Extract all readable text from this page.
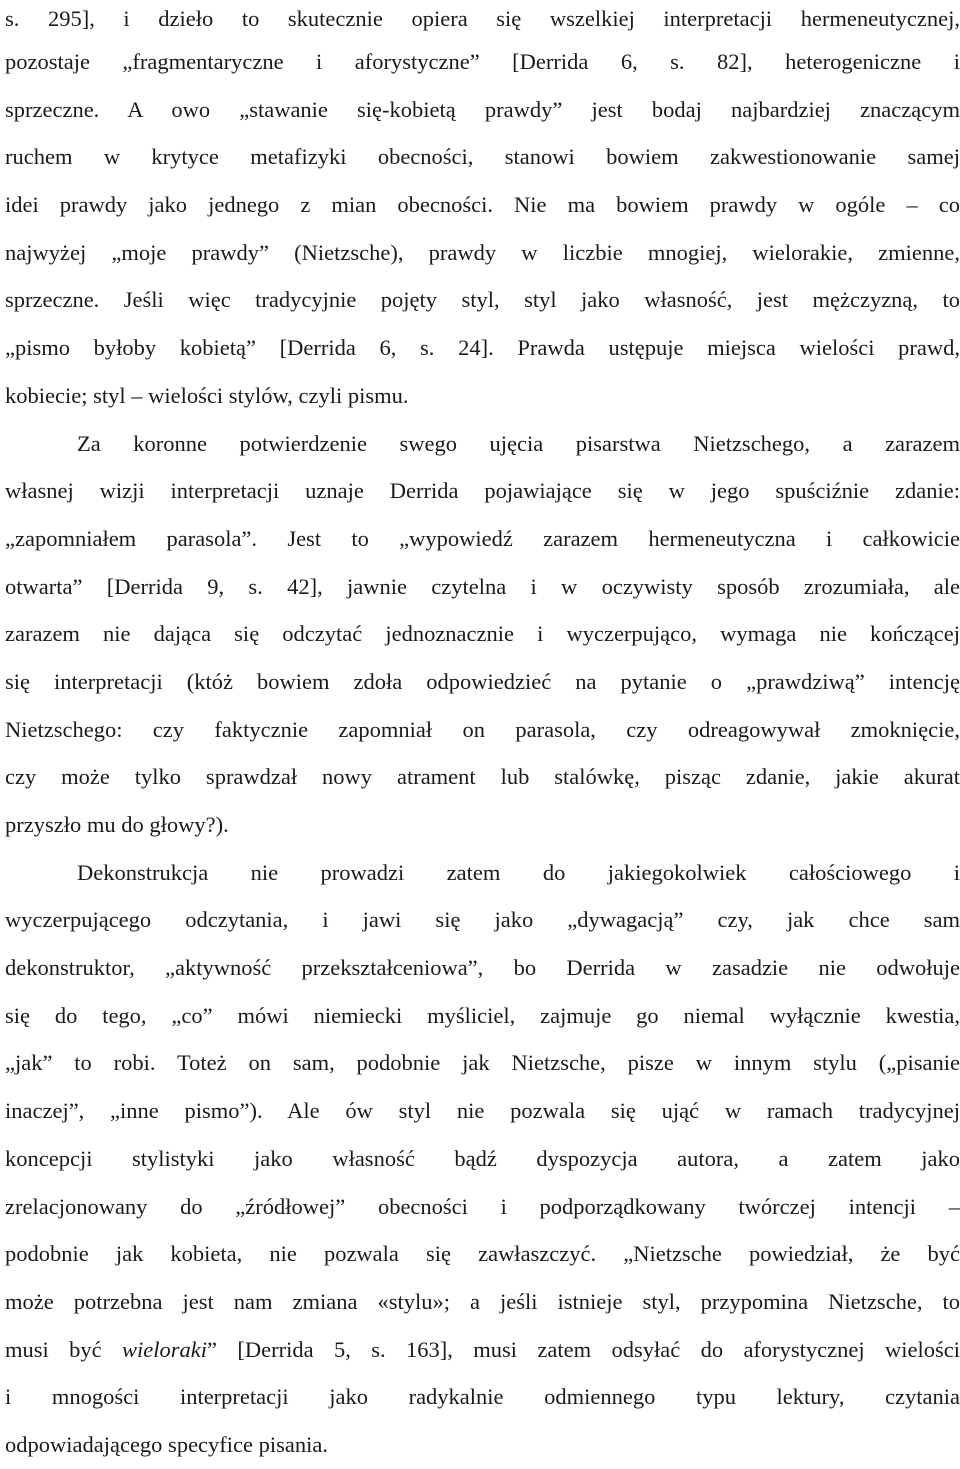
s. 295], i dzieło to skutecznie opiera się wszelkiej interpretacji hermeneutycznej,
pozostaje „fragmentaryczne i aforystyczne” [Derrida 6, s. 82], heterogeniczne i
sprzeczne. A owo „stawanie się-kobietą prawdy” jest bodaj najbardziej znaczącym
ruchem w krytyce metafizyki obecności, stanowi bowiem zakwestionowanie samej
idei prawdy jako jednego z mian obecności. Nie ma bowiem prawdy w ogóle – co
najwyżej „moje prawdy” (Nietzsche), prawdy w liczbie mnogiej, wielorakie, zmienne,
sprzeczne. Jeśli więc tradycyjnie pojęty styl, styl jako własność, jest mężczyzną, to
„pismo byłoby kobietą” [Derrida 6, s. 24]. Prawda ustępuje miejsca wielości prawd,
kobiecie; styl – wielości stylów, czyli pismu.
Za koronne potwierdzenie swego ujęcia pisarstwa Nietzschego, a zarazem
własnej wizji interpretacji uznaje Derrida pojawiające się w jego spuściźnie zdanie:
„zapomniałem parasola”. Jest to „wypowiedź zarazem hermeneutyczna i całkowicie
otwarta” [Derrida 9, s. 42], jawnie czytelna i w oczywisty sposób zrozumiała, ale
zarazem nie dająca się odczytać jednoznacznie i wyczerpująco, wymaga nie kończącej
się interpretacji (któż bowiem zdoła odpowiedzieć na pytanie o „prawdziwą” intencję
Nietzschego: czy faktycznie zapomniał on parasola, czy odreagowywał zmoknięcie,
czy może tylko sprawdzał nowy atrament lub stalówkę, pisząc zdanie, jakie akurat
przyszło mu do głowy?).
Dekonstrukcja nie prowadzi zatem do jakiegokolwiek całościowego i
wyczerpującego odczytania, i jawi się jako „dywagacją” czy, jak chce sam
dekonstruktor, „aktywność przekształceniowa”, bo Derrida w zasadzie nie odwołuje
się do tego, „co” mówi niemiecki myśliciel, zajmuje go niemal wyłącznie kwestia,
„jak” to robi. Toteż on sam, podobnie jak Nietzsche, pisze w innym stylu („pisanie
inaczej”, „inne pismo”). Ale ów styl nie pozwala się ująć w ramach tradycyjnej
koncepcji stylistyki jako własność bądź dyspozycja autora, a zatem jako
zrelacjonowany do „źródłowej” obecności i podporządkowany twórczej intencji –
podobnie jak kobieta, nie pozwala się zawłaszczyć. „Nietzsche powiedział, że być
może potrzebna jest nam zmiana «stylu»; a jeśli istnieje styl, przypomina Nietzsche, to
musi być wieloraki” [Derrida 5, s. 163], musi zatem odsyłać do aforystycznej wielości
i mnogości interpretacji jako radykalnie odmiennego typu lektury, czytania
odpowiadającego specyfice pisania.
